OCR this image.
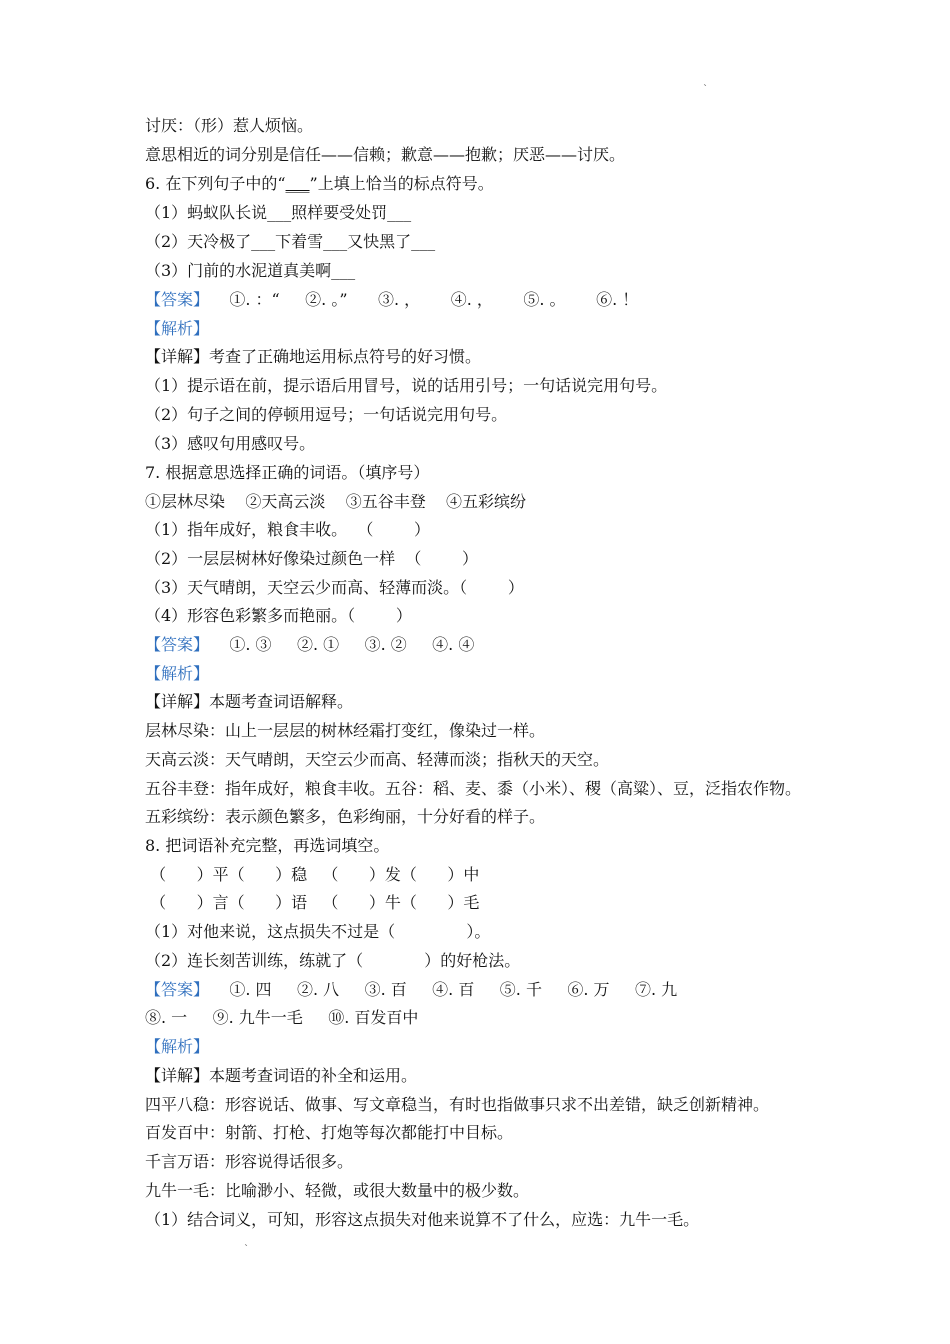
`

讨厌：（形）惹人烦恼。

意思相近的词分别是信任——信赖；歉意——抱歉；厌恶——讨厌。

6. 在下列句子中的“___”上填上恰当的标点符号。

（1）蚂蚁队长说___照样要受处罚___

（2）天冷极了___下着雪___又快黑了___

（3）门前的水泥道真美啊___

【答案】    ①. ：“     ②. 。”      ③. ，      ④. ，      ⑤. 。      ⑥. ！

【解析】

【详解】考查了正确地运用标点符号的好习惯。

（1）提示语在前，提示语后用冒号，说的话用引号；一句话说完用句号。

（2）句子之间的停顿用逗号；一句话说完用句号。

（3）感叹句用感叹号。

7. 根据意思选择正确的词语。（填序号）

①层林尽染    ②天高云淡    ③五谷丰登    ④五彩缤纷

（1）指年成好，粮食丰收。  （        ）

（2）一层层树林好像染过颜色一样  （        ）

（3）天气晴朗，天空云少而高、轻薄而淡。（        ）

（4）形容色彩繁多而艳丽。（        ）

【答案】    ①. ③     ②. ①     ③. ②     ④. ④

【解析】

【详解】本题考查词语解释。

层林尽染：山上一层层的树林经霜打变红，像染过一样。

天高云淡：天气晴朗，天空云少而高、轻薄而淡；指秋天的天空。

五谷丰登：指年成好，粮食丰收。五谷：稻、麦、黍（小米）、稷（高粱）、豆，泛指农作物。

五彩缤纷：表示颜色繁多，色彩绚丽，十分好看的样子。

8. 把词语补充完整，再选词填空。

（      ）平（      ）稳   （      ）发（      ）中

（      ）言（      ）语   （      ）牛（      ）毛

（1）对他来说，这点损失不过是（              ）。

（2）连长刻苦训练，练就了（            ）的好枪法。

【答案】    ①. 四     ②. 八     ③. 百     ④. 百     ⑤. 千     ⑥. 万     ⑦. 九

⑧. 一     ⑨. 九牛一毛     ⑩. 百发百中

【解析】

【详解】本题考查词语的补全和运用。

四平八稳：形容说话、做事、写文章稳当，有时也指做事只求不出差错，缺乏创新精神。

百发百中：射箭、打枪、打炮等每次都能打中目标。

千言万语：形容说得话很多。

九牛一毛：比喻渺小、轻微，或很大数量中的极少数。

（1）结合词义，可知，形容这点损失对他来说算不了什么，应选：九牛一毛。

`
